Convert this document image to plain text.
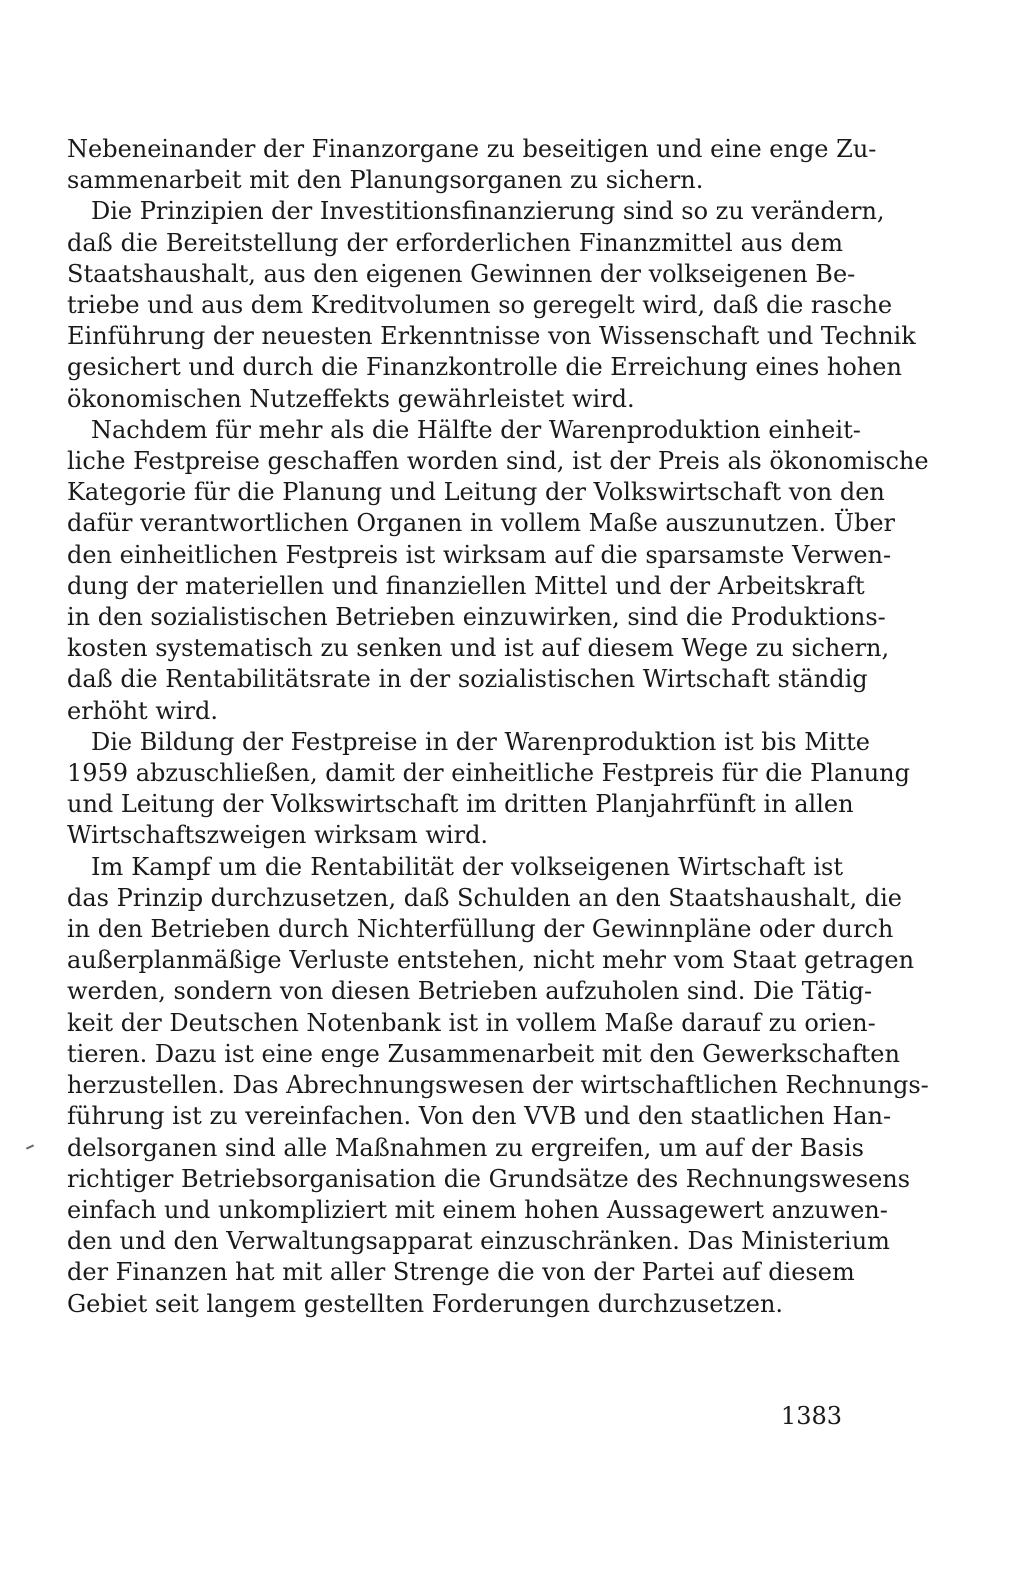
Nebeneinander der Finanzorgane zu beseitigen und eine enge Zu-
sammenarbeit mit den Planungsorganen zu sichern.

Die Prinzipien der Investitionsfinanzierung sind so zu verändern,
daß die Bereitstellung der erforderlichen Finanzmittel aus dem
Staatshaushalt, aus den eigenen Gewinnen der volkseigenen Be-
triebe und aus dem Kreditvolumen so geregelt wird, daß die rasche
Einführung der neuesten Erkenntnisse von Wissenschaft und Technik
gesichert und durch die Finanzkontrolle die Erreichung eines hohen
ökonomischen Nutzeffekts gewährleistet wird.

Nachdem für mehr als die Hälfte der Warenproduktion einheit-
liche Festpreise geschaffen worden sind, ist der Preis als ökonomische
Kategorie für die Planung und Leitung der Volkswirtschaft von den
dafür verantwortlichen Organen in vollem Maße auszunutzen. Über
den einheitlichen Festpreis ist wirksam auf die sparsamste Verwen-
dung der materiellen und finanziellen Mittel und der Arbeitskraft
in den sozialistischen Betrieben einzuwirken, sind die Produktions-
kosten systematisch zu senken und ist auf diesem Wege zu sichern,
daß die Rentabilitätsrate in der sozialistischen Wirtschaft ständig
erhöht wird.

Die Bildung der Festpreise in der Warenproduktion ist bis Mitte
1959 abzuschließen, damit der einheitliche Festpreis für die Planung
und Leitung der Volkswirtschaft im dritten Planjahrfünft in allen
Wirtschaftszweigen wirksam wird.

Im Kampf um die Rentabilität der volkseigenen Wirtschaft ist
das Prinzip durchzusetzen, daß Schulden an den Staatshaushalt, die
in den Betrieben durch Nichterfüllung der Gewinnpläne oder durch
außerplanmäßige Verluste entstehen, nicht mehr vom Staat getragen
werden, sondern von diesen Betrieben aufzuholen sind. Die Tätig-
keit der Deutschen Notenbank ist in vollem Maße darauf zu orien-
tieren. Dazu ist eine enge Zusammenarbeit mit den Gewerkschaften
herzustellen. Das Abrechnungswesen der wirtschaftlichen Rechnungs-
führung ist zu vereinfachen. Von den VVB und den staatlichen Han-
delsorganen sind alle Maßnahmen zu ergreifen, um auf der Basis
richtiger Betriebsorganisation die Grundsätze des Rechnungswesens
einfach und unkompliziert mit einem hohen Aussagewert anzuwen-
den und den Verwaltungsapparat einzuschränken. Das Ministerium
der Finanzen hat mit aller Strenge die von der Partei auf diesem
Gebiet seit langem gestellten Forderungen durchzusetzen.

1383
